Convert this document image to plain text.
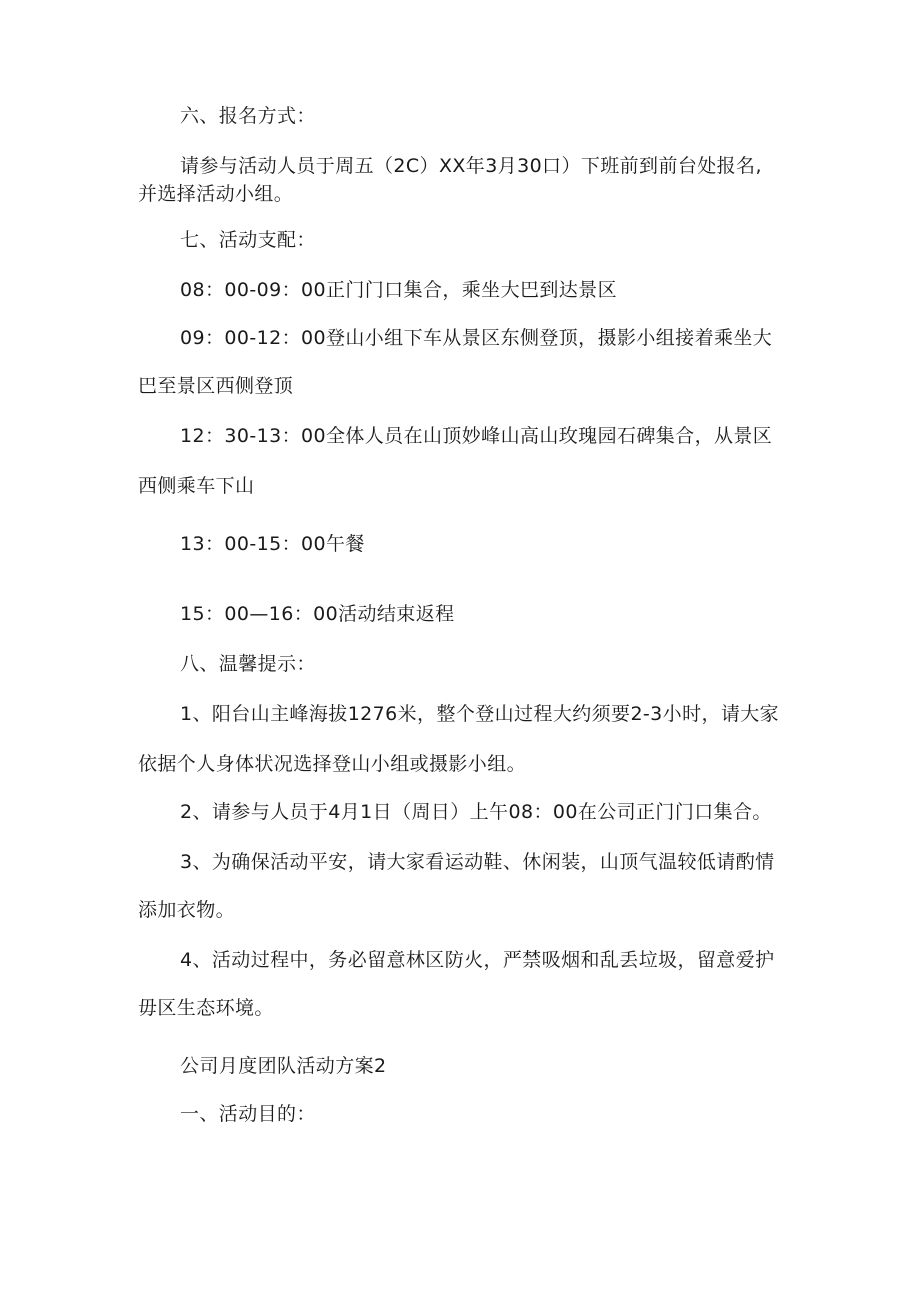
六、报名方式：
请参与活动人员于周五（2C）XX年3月30口）下班前到前台处报名,
并选择活动小组。
七、活动支配：
08：00-09：00正门门口集合，乘坐大巴到达景区
09：00-12：00登山小组下车从景区东侧登顶，摄影小组接着乘坐大
巴至景区西侧登顶
12：30-13：00全体人员在山顶妙峰山高山玫瑰园石碑集合，从景区
西侧乘车下山
13：00-15：00午餐
15：00—16：00活动结束返程
八、温馨提示：
1、阳台山主峰海拔1276米，整个登山过程大约须要2-3小时，请大家
依据个人身体状况选择登山小组或摄影小组。
2、请参与人员于4月1日（周日）上午08：00在公司正门门口集合。
3、为确保活动平安，请大家看运动鞋、休闲装，山顶气温较低请酌情
添加衣物。
4、活动过程中，务必留意林区防火，严禁吸烟和乱丢垃圾，留意爱护
毋区生态环境。
公司月度团队活动方案2
一、活动目的：
